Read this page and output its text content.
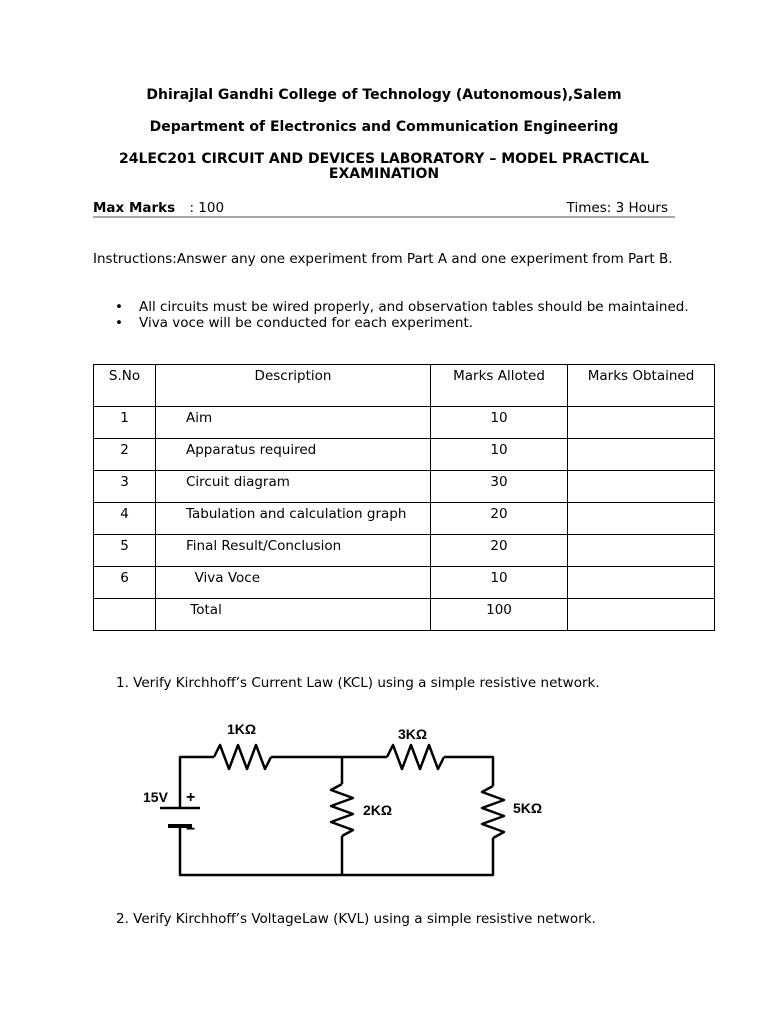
Dhirajlal Gandhi College of Technology (Autonomous),Salem
Department of Electronics and Communication Engineering
24LEC201 CIRCUIT AND DEVICES LABORATORY – MODEL PRACTICAL
EXAMINATION
Max Marks : 100	Times: 3 Hours
Instructions:Answer any one experiment from Part A and one experiment from Part B.
• All circuits must be wired properly, and observation tables should be maintained.
• Viva voce will be conducted for each experiment.
S.No	Description	Marks Alloted	Marks Obtained
1	Aim	10	
2	Apparatus required	10	
3	Circuit diagram	30	
4	Tabulation and calculation graph	20	
5	Final Result/Conclusion	20	
6	Viva Voce	10	
	Total	100	
1. Verify Kirchhoff’s Current Law (KCL) using a simple resistive network.
15V +
−
1KΩ	3KΩ
2KΩ	5KΩ
2. Verify Kirchhoff’s VoltageLaw (KVL) using a simple resistive network.
